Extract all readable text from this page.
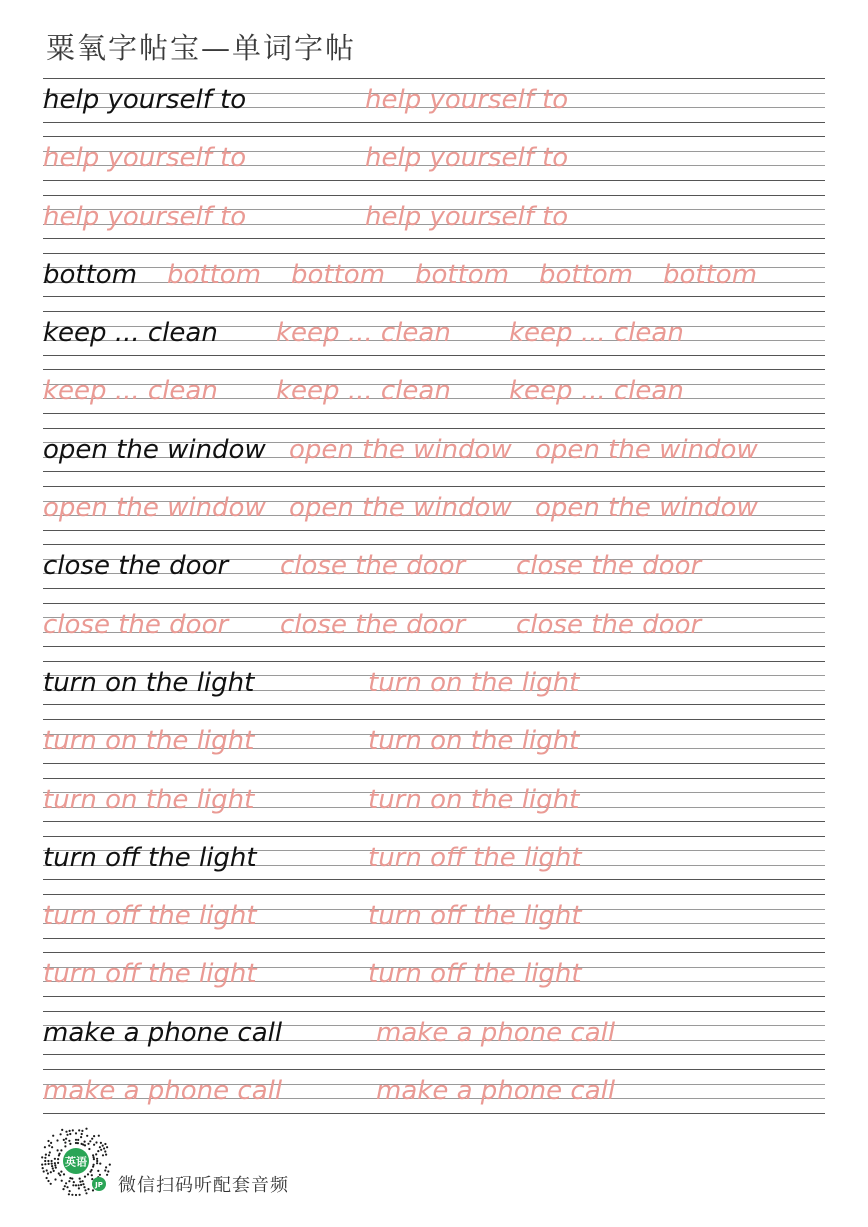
粟氧字帖宝—单词字帖
help yourself to	help yourself to
help yourself to	help yourself to
help yourself to	help yourself to
bottom bottom bottom bottom bottom bottom
keep ... clean keep ... clean keep ... clean
keep ... clean keep ... clean keep ... clean
open the window open the window open the window
open the window open the window open the window
close the door close the door close the door
close the door close the door close the door
turn on the light	turn on the light
turn on the light	turn on the light
turn on the light	turn on the light
turn off the light	turn off the light
turn off the light	turn off the light
turn off the light	turn off the light
make a phone call	make a phone call
make a phone call	make a phone call
英语
JP 微信扫码听配套音频
